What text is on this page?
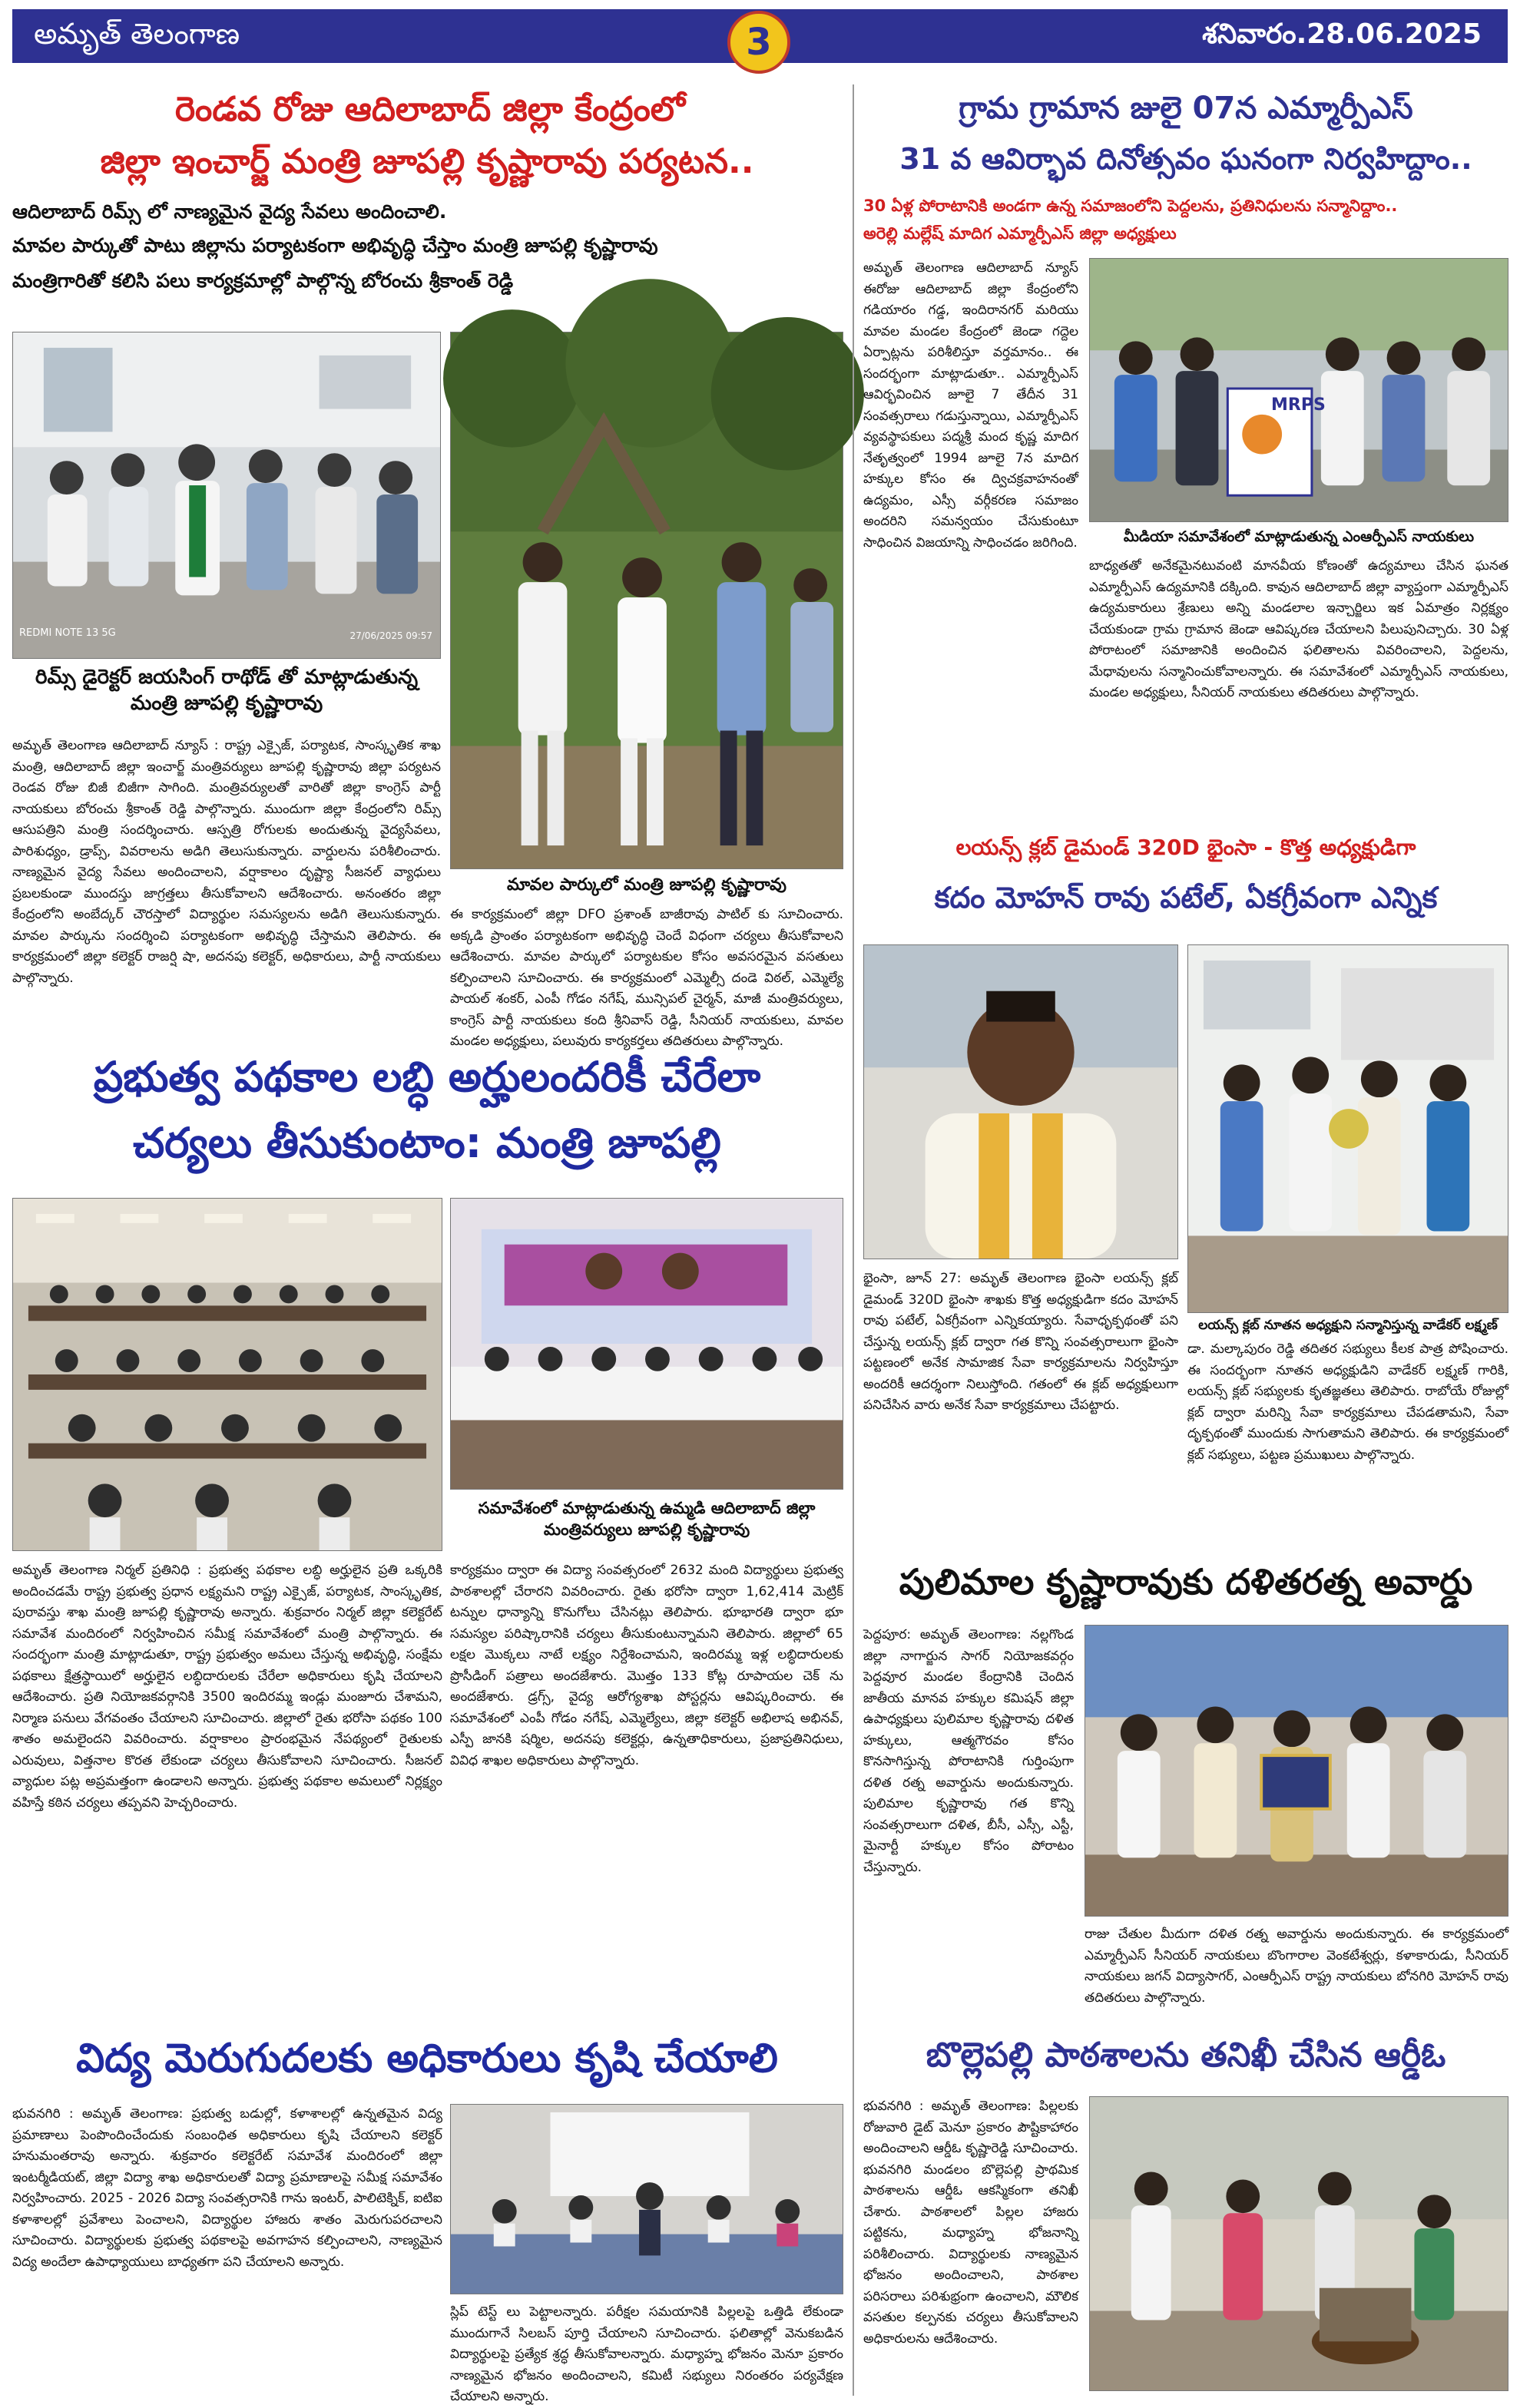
అమృత్ తెలంగాణ	శనివారం.28.06.2025
3
రెండవ రోజు ఆదిలాబాద్ జిల్లా కేంద్రంలో
జిల్లా ఇంచార్జ్ మంత్రి జూపల్లి కృష్ణారావు పర్యటన..
ఆదిలాబాద్ రిమ్స్ లో నాణ్యమైన వైద్య సేవలు అందించాలి.
మావల పార్కుతో పాటు జిల్లాను పర్యాటకంగా అభివృద్ధి చేస్తాం మంత్రి జూపల్లి కృష్ణారావు
మంత్రిగారితో కలిసి పలు కార్యక్రమాల్లో పాల్గొన్న బోరంచు శ్రీకాంత్ రెడ్డి
REDMI NOTE 13 5G	27/06/2025 09:57
రిమ్స్ డైరెక్టర్ జయసింగ్ రాథోడ్ తో మాట్లాడుతున్న మంత్రి జూపల్లి కృష్ణారావు
మావల పార్కులో మంత్రి జూపల్లి కృష్ణారావు
అమృత్ తెలంగాణ ఆదిలాబాద్ న్యూస్ : రాష్ట్ర ఎక్సైజ్, పర్యాటక, సాంస్కృతిక శాఖ మంత్రి, ఆదిలాబాద్ జిల్లా ఇంచార్జ్ మంత్రివర్యులు జూపల్లి కృష్ణారావు జిల్లా పర్యటన రెండవ రోజు బిజీ బిజీగా సాగింది. మంత్రివర్యులతో వారితో జిల్లా కాంగ్రెస్ పార్టీ నాయకులు బోరంచు శ్రీకాంత్ రెడ్డి పాల్గొన్నారు. ముందుగా జిల్లా కేంద్రంలోని రిమ్స్ ఆసుపత్రిని మంత్రి సందర్శించారు. ఆస్పత్రి రోగులకు అందుతున్న వైద్యసేవలు, పారిశుధ్యం, డ్రాప్స్, వివరాలను అడిగి తెలుసుకున్నారు. వార్డులను పరిశీలించారు. నాణ్యమైన వైద్య సేవలు అందించాలని, వర్షాకాలం దృష్ట్యా సీజనల్ వ్యాధులు ప్రబలకుండా ముందస్తు జాగ్రత్తలు తీసుకోవాలని ఆదేశించారు. అనంతరం జిల్లా కేంద్రంలోని అంబేద్కర్ చౌరస్తాలో విద్యార్థుల సమస్యలను అడిగి తెలుసుకున్నారు. మావల పార్కును సందర్శించి పర్యాటకంగా అభివృద్ధి చేస్తామని తెలిపారు. ఈ కార్యక్రమంలో జిల్లా కలెక్టర్ రాజర్షి షా, అదనపు కలెక్టర్, అధికారులు, పార్టీ నాయకులు పాల్గొన్నారు.
ఈ కార్యక్రమంలో జిల్లా DFO ప్రశాంత్ బాజీరావు పాటిల్ కు సూచించారు. అక్కడి ప్రాంతం పర్యాటకంగా అభివృద్ధి చెందే విధంగా చర్యలు తీసుకోవాలని ఆదేశించారు. మావల పార్కులో పర్యాటకుల కోసం అవసరమైన వసతులు కల్పించాలని సూచించారు. ఈ కార్యక్రమంలో ఎమ్మెల్సీ దండె విఠల్, ఎమ్మెల్యే పాయల్ శంకర్, ఎంపీ గోడం నగేష్, మున్సిపల్ చైర్మన్, మాజీ మంత్రివర్యులు, కాంగ్రెస్ పార్టీ నాయకులు కంది శ్రీనివాస్ రెడ్డి, సీనియర్ నాయకులు, మావల మండల అధ్యక్షులు, పలువురు కార్యకర్తలు తదితరులు పాల్గొన్నారు.
ప్రభుత్వ పథకాల లబ్ధి అర్హులందరికీ చేరేలా
చర్యలు తీసుకుంటాం: మంత్రి జూపల్లి
సమావేశంలో మాట్లాడుతున్న ఉమ్మడి ఆదిలాబాద్ జిల్లా మంత్రివర్యులు జూపల్లి కృష్ణారావు
అమృత్ తెలంగాణ నిర్మల్ ప్రతినిధి : ప్రభుత్వ పథకాల లబ్ధి అర్హులైన ప్రతి ఒక్కరికి అందించడమే రాష్ట్ర ప్రభుత్వ ప్రధాన లక్ష్యమని రాష్ట్ర ఎక్సైజ్, పర్యాటక, సాంస్కృతిక, పురావస్తు శాఖ మంత్రి జూపల్లి కృష్ణారావు అన్నారు. శుక్రవారం నిర్మల్ జిల్లా కలెక్టరేట్ సమావేశ మందిరంలో నిర్వహించిన సమీక్ష సమావేశంలో మంత్రి పాల్గొన్నారు. ఈ సందర్భంగా మంత్రి మాట్లాడుతూ, రాష్ట్ర ప్రభుత్వం అమలు చేస్తున్న అభివృద్ధి, సంక్షేమ పథకాలు క్షేత్రస్థాయిలో అర్హులైన లబ్ధిదారులకు చేరేలా అధికారులు కృషి చేయాలని ఆదేశించారు. ప్రతి నియోజకవర్గానికి 3500 ఇందిరమ్మ ఇండ్లు మంజూరు చేశామని, నిర్మాణ పనులు వేగవంతం చేయాలని సూచించారు. జిల్లాలో రైతు భరోసా పథకం 100 శాతం అమలైందని వివరించారు. వర్షాకాలం ప్రారంభమైన నేపథ్యంలో రైతులకు ఎరువులు, విత్తనాల కొరత లేకుండా చర్యలు తీసుకోవాలని సూచించారు. సీజనల్ వ్యాధుల పట్ల అప్రమత్తంగా ఉండాలని అన్నారు. ప్రభుత్వ పథకాల అమలులో నిర్లక్ష్యం వహిస్తే కఠిన చర్యలు తప్పవని హెచ్చరించారు.
కార్యక్రమం ద్వారా ఈ విద్యా సంవత్సరంలో 2632 మంది విద్యార్థులు ప్రభుత్వ పాఠశాలల్లో చేరారని వివరించారు. రైతు భరోసా ద్వారా 1,62,414 మెట్రిక్ టన్నుల ధాన్యాన్ని కొనుగోలు చేసినట్లు తెలిపారు. భూభారతి ద్వారా భూ సమస్యల పరిష్కారానికి చర్యలు తీసుకుంటున్నామని తెలిపారు. జిల్లాలో 65 లక్షల మొక్కలు నాటే లక్ష్యం నిర్దేశించామని, ఇందిరమ్మ ఇళ్ల లబ్ధిదారులకు ప్రొసీడింగ్ పత్రాలు అందజేశారు. మొత్తం 133 కోట్ల రూపాయల చెక్ ను అందజేశారు. డ్రగ్స్, వైద్య ఆరోగ్యశాఖ పోస్టర్లను ఆవిష్కరించారు. ఈ సమావేశంలో ఎంపీ గోడం నగేష్, ఎమ్మెల్యేలు, జిల్లా కలెక్టర్ అభిలాష అభినవ్, ఎస్పీ జానకి షర్మిల, అదనపు కలెక్టర్లు, ఉన్నతాధికారులు, ప్రజాప్రతినిధులు, వివిధ శాఖల అధికారులు పాల్గొన్నారు.
విద్య మెరుగుదలకు అధికారులు కృషి చేయాలి
భువనగిరి : అమృత్ తెలంగాణ: ప్రభుత్వ బడుల్లో, కళాశాలల్లో ఉన్నతమైన విద్య ప్రమాణాలు పెంపొందించేందుకు సంబంధిత అధికారులు కృషి చేయాలని కలెక్టర్ హనుమంతరావు అన్నారు. శుక్రవారం కలెక్టరేట్ సమావేశ మందిరంలో జిల్లా ఇంటర్మీడియట్, జిల్లా విద్యా శాఖ అధికారులతో విద్యా ప్రమాణాలపై సమీక్ష సమావేశం నిర్వహించారు. 2025 - 2026 విద్యా సంవత్సరానికి గాను ఇంటర్, పాలిటెక్నిక్, ఐటిఐ కళాశాలల్లో ప్రవేశాలు పెంచాలని, విద్యార్థుల హాజరు శాతం మెరుగుపరచాలని సూచించారు. విద్యార్థులకు ప్రభుత్వ పథకాలపై అవగాహన కల్పించాలని, నాణ్యమైన విద్య అందేలా ఉపాధ్యాయులు బాధ్యతగా పని చేయాలని అన్నారు.
స్లిప్ టెస్ట్ లు పెట్టాలన్నారు. పరీక్షల సమయానికి పిల్లలపై ఒత్తిడి లేకుండా ముందుగానే సిలబస్ పూర్తి చేయాలని సూచించారు. ఫలితాల్లో వెనుకబడిన విద్యార్థులపై ప్రత్యేక శ్రద్ధ తీసుకోవాలన్నారు. మధ్యాహ్న భోజనం మెనూ ప్రకారం నాణ్యమైన భోజనం అందించాలని, కమిటీ సభ్యులు నిరంతరం పర్యవేక్షణ చేయాలని అన్నారు.
గ్రామ గ్రామాన జులై 07న ఎమ్మార్పీఎస్
31 వ ఆవిర్భావ దినోత్సవం ఘనంగా నిర్వహిద్దాం..
30 ఏళ్ల పోరాటానికి అండగా ఉన్న సమాజంలోని పెద్దలను, ప్రతినిధులను సన్మానిద్దాం..
అరెల్లి మల్లేష్ మాదిగ ఎమ్మార్పీఎస్ జిల్లా అధ్యక్షులు
అమృత్ తెలంగాణ ఆదిలాబాద్ న్యూస్ ఈరోజు ఆదిలాబాద్ జిల్లా కేంద్రంలోని గడియారం గడ్డ, ఇందిరానగర్ మరియు మావల మండల కేంద్రంలో జెండా గద్దెల ఏర్పాట్లను పరిశీలిస్తూ వర్తమానం.. ఈ సందర్భంగా మాట్లాడుతూ.. ఎమ్మార్పీఎస్ ఆవిర్భవించిన జూలై 7 తేదీన 31 సంవత్సరాలు గడుస్తున్నాయి, ఎమ్మార్పీఎస్ వ్యవస్థాపకులు పద్మశ్రీ మంద కృష్ణ మాదిగ నేతృత్వంలో 1994 జూలై 7న మాదిగ హక్కుల కోసం ఈ ద్విచక్రవాహనంతో ఉద్యమం, ఎస్సీ వర్గీకరణ సమాజం అందరిని సమన్వయం చేసుకుంటూ సాధించిన విజయాన్ని సాధించడం జరిగింది.
MRPS
మీడియా సమావేశంలో మాట్లాడుతున్న ఎంఆర్పీఎస్ నాయకులు
బాధ్యతతో అనేకమైనటువంటి మానవీయ కోణంతో ఉద్యమాలు చేసిన ఘనత ఎమ్మార్పీఎస్ ఉద్యమానికి దక్కింది. కావున ఆదిలాబాద్ జిల్లా వ్యాప్తంగా ఎమ్మార్పీఎస్ ఉద్యమకారులు శ్రేణులు అన్ని మండలాల ఇన్చార్జిలు ఇక ఏమాత్రం నిర్లక్ష్యం చేయకుండా గ్రామ గ్రామాన జెండా ఆవిష్కరణ చేయాలని పిలుపునిచ్చారు. 30 ఏళ్ల పోరాటంలో సమాజానికి అందించిన ఫలితాలను వివరించాలని, పెద్దలను, మేధావులను సన్మానించుకోవాలన్నారు. ఈ సమావేశంలో ఎమ్మార్పీఎస్ నాయకులు, మండల అధ్యక్షులు, సీనియర్ నాయకులు తదితరులు పాల్గొన్నారు.
లయన్స్ క్లబ్ డైమండ్ 320D భైంసా - కొత్త అధ్యక్షుడిగా
కదం మోహన్ రావు పటేల్, ఏకగ్రీవంగా ఎన్నిక
భైంసా, జూన్ 27: అమృత్ తెలంగాణ భైంసా లయన్స్ క్లబ్ డైమండ్ 320D భైంసా శాఖకు కొత్త అధ్యక్షుడిగా కదం మోహన్ రావు పటేల్, ఏకగ్రీవంగా ఎన్నికయ్యారు. సేవాధృక్పథంతో పని చేస్తున్న లయన్స్ క్లబ్ ద్వారా గత కొన్ని సంవత్సరాలుగా భైంసా పట్టణంలో అనేక సామాజిక సేవా కార్యక్రమాలను నిర్వహిస్తూ అందరికీ ఆదర్శంగా నిలుస్తోంది. గతంలో ఈ క్లబ్ అధ్యక్షులుగా పనిచేసిన వారు అనేక సేవా కార్యక్రమాలు చేపట్టారు.
లయన్స్ క్లబ్ నూతన అధ్యక్షుని సన్మానిస్తున్న వాడేకర్ లక్ష్మణ్
డా. మల్కాపురం రెడ్డి తదితర సభ్యులు కీలక పాత్ర పోషించారు. ఈ సందర్భంగా నూతన అధ్యక్షుడిని వాడేకర్ లక్ష్మణ్ గారికి, లయన్స్ క్లబ్ సభ్యులకు కృతజ్ఞతలు తెలిపారు. రాబోయే రోజుల్లో క్లబ్ ద్వారా మరిన్ని సేవా కార్యక్రమాలు చేపడతామని, సేవా దృక్పథంతో ముందుకు సాగుతామని తెలిపారు. ఈ కార్యక్రమంలో క్లబ్ సభ్యులు, పట్టణ ప్రముఖులు పాల్గొన్నారు.
పులిమాల కృష్ణారావుకు దళితరత్న అవార్డు
పెద్దపూర: అమృత్ తెలంగాణ: నల్లగొండ జిల్లా నాగార్జున సాగర్ నియోజకవర్గం పెద్దవూర మండల కేంద్రానికి చెందిన జాతీయ మానవ హక్కుల కమిషన్ జిల్లా ఉపాధ్యక్షులు పులిమాల కృష్ణారావు దళిత హక్కులు, ఆత్మగౌరవం కోసం కొనసాగిస్తున్న పోరాటానికి గుర్తింపుగా దళిత రత్న అవార్డును అందుకున్నారు. పులిమాల కృష్ణారావు గత కొన్ని సంవత్సరాలుగా దళిత, బీసీ, ఎస్సీ, ఎస్టీ, మైనార్టీ హక్కుల కోసం పోరాటం చేస్తున్నారు.
రాజు చేతుల మీదుగా దళిత రత్న అవార్డును అందుకున్నారు. ఈ కార్యక్రమంలో ఎమ్మార్పీఎస్ సీనియర్ నాయకులు బొంగారాల వెంకటేశ్వర్లు, కళాకారుడు, సీనియర్ నాయకులు జగన్ విద్యాసాగర్, ఎంఆర్పీఎస్ రాష్ట్ర నాయకులు బోనగిరి మోహన్ రావు తదితరులు పాల్గొన్నారు.
బొల్లెపల్లి పాఠశాలను తనిఖీ చేసిన ఆర్డీఓ
భువనగిరి : అమృత్ తెలంగాణ: పిల్లలకు రోజువారి డైట్ మెనూ ప్రకారం పౌష్టికాహారం అందించాలని ఆర్డీఓ కృష్ణారెడ్డి సూచించారు. భువనగిరి మండలం బొల్లెపల్లి ప్రాథమిక పాఠశాలను ఆర్డీఓ ఆకస్మికంగా తనిఖీ చేశారు. పాఠశాలలో పిల్లల హాజరు పట్టికను, మధ్యాహ్న భోజనాన్ని పరిశీలించారు. విద్యార్థులకు నాణ్యమైన భోజనం అందించాలని, పాఠశాల పరిసరాలు పరిశుభ్రంగా ఉంచాలని, మౌలిక వసతుల కల్పనకు చర్యలు తీసుకోవాలని అధికారులను ఆదేశించారు.
